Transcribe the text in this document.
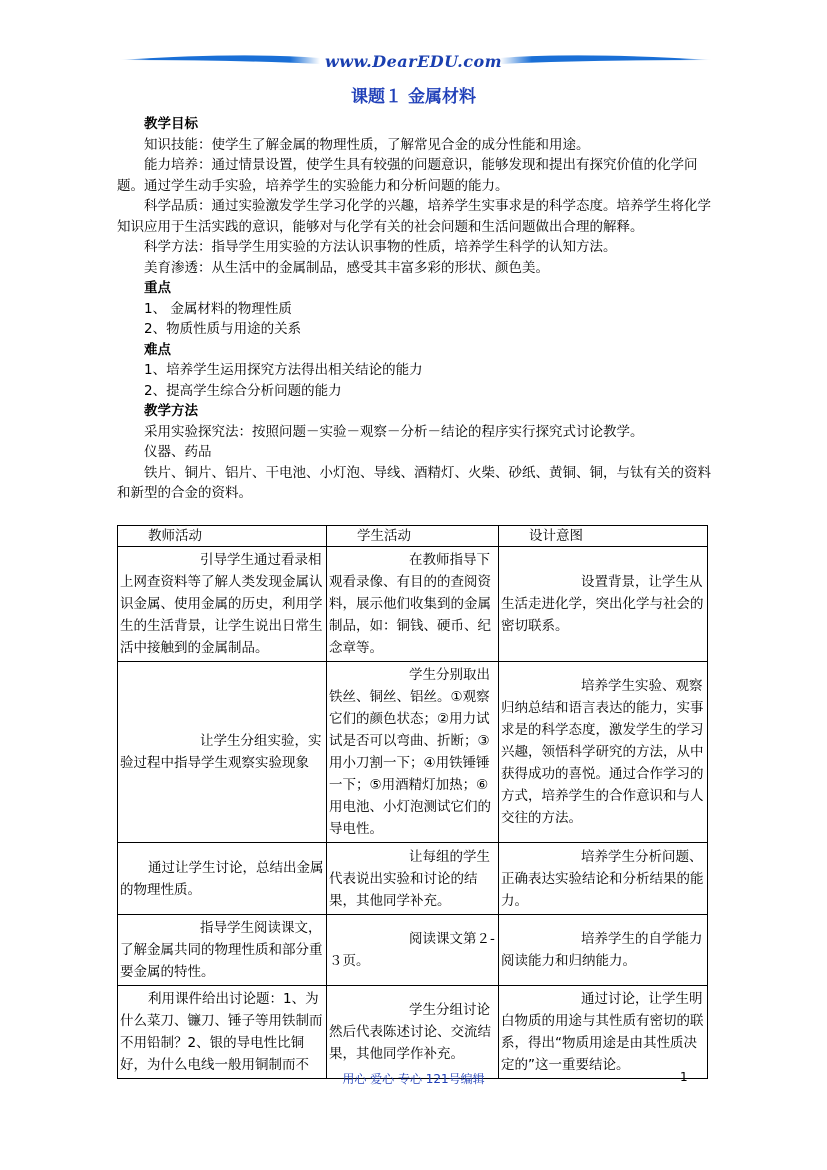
www.DearEDU.com
课题１ 金属材料

教学目标

知识技能：使学生了解金属的物理性质，了解常见合金的成分性能和用途。

能力培养：通过情景设置，使学生具有较强的问题意识，能够发现和提出有探究价值的化学问题。通过学生动手实验，培养学生的实验能力和分析问题的能力。

科学品质：通过实验激发学生学习化学的兴趣，培养学生实事求是的科学态度。培养学生将化学知识应用于生活实践的意识，能够对与化学有关的社会问题和生活问题做出合理的解释。

科学方法：指导学生用实验的方法认识事物的性质，培养学生科学的认知方法。

美育渗透：从生活中的金属制品，感受其丰富多彩的形状、颜色美。

重点

1、 金属材料的物理性质

2、物质性质与用途的关系

难点

1、培养学生运用探究方法得出相关结论的能力

2、提高学生综合分析问题的能力

教学方法

采用实验探究法：按照问题－实验－观察－分析－结论的程序实行探究式讨论教学。

仪器、药品

铁片、铜片、铝片、干电池、小灯泡、导线、酒精灯、火柴、砂纸、黄铜、铜，与钛有关的资料和新型的合金的资料。

教师活动	学生活动	设计意图
引导学生通过看录相上网查资料等了解人类发现金属认识金属、使用金属的历史，利用学生的生活背景，让学生说出日常生活中接触到的金属制品。	在教师指导下观看录像、有目的的查阅资料，展示他们收集到的金属制品，如：铜钱、硬币、纪念章等。	设置背景，让学生从生活走进化学，突出化学与社会的密切联系。
让学生分组实验，实验过程中指导学生观察实验现象	学生分别取出铁丝、铜丝、铝丝。①观察它们的颜色状态；②用力试试是否可以弯曲、折断；③用小刀割一下；④用铁锤锤一下；⑤用酒精灯加热；⑥用电池、小灯泡测试它们的导电性。	培养学生实验、观察归纳总结和语言表达的能力，实事求是的科学态度，激发学生的学习兴趣，领悟科学研究的方法，从中获得成功的喜悦。通过合作学习的方式，培养学生的合作意识和与人交往的方法。
通过让学生讨论，总结出金属的物理性质。	让每组的学生代表说出实验和讨论的结果，其他同学补充。	培养学生分析问题、正确表达实验结论和分析结果的能力。
指导学生阅读课文，了解金属共同的物理性质和部分重要金属的特性。	阅读课文第２-３页。	培养学生的自学能力阅读能力和归纳能力。
利用课件给出讨论题：1、为什么菜刀、镰刀、锤子等用铁制而不用铅制？2、银的导电性比铜好，为什么电线一般用铜制而不	学生分组讨论然后代表陈述讨论、交流结果，其他同学作补充。	通过讨论，让学生明白物质的用途与其性质有密切的联系，得出“物质用途是由其性质决定的”这一重要结论。
用心 爱心 专心 121号编辑	1
